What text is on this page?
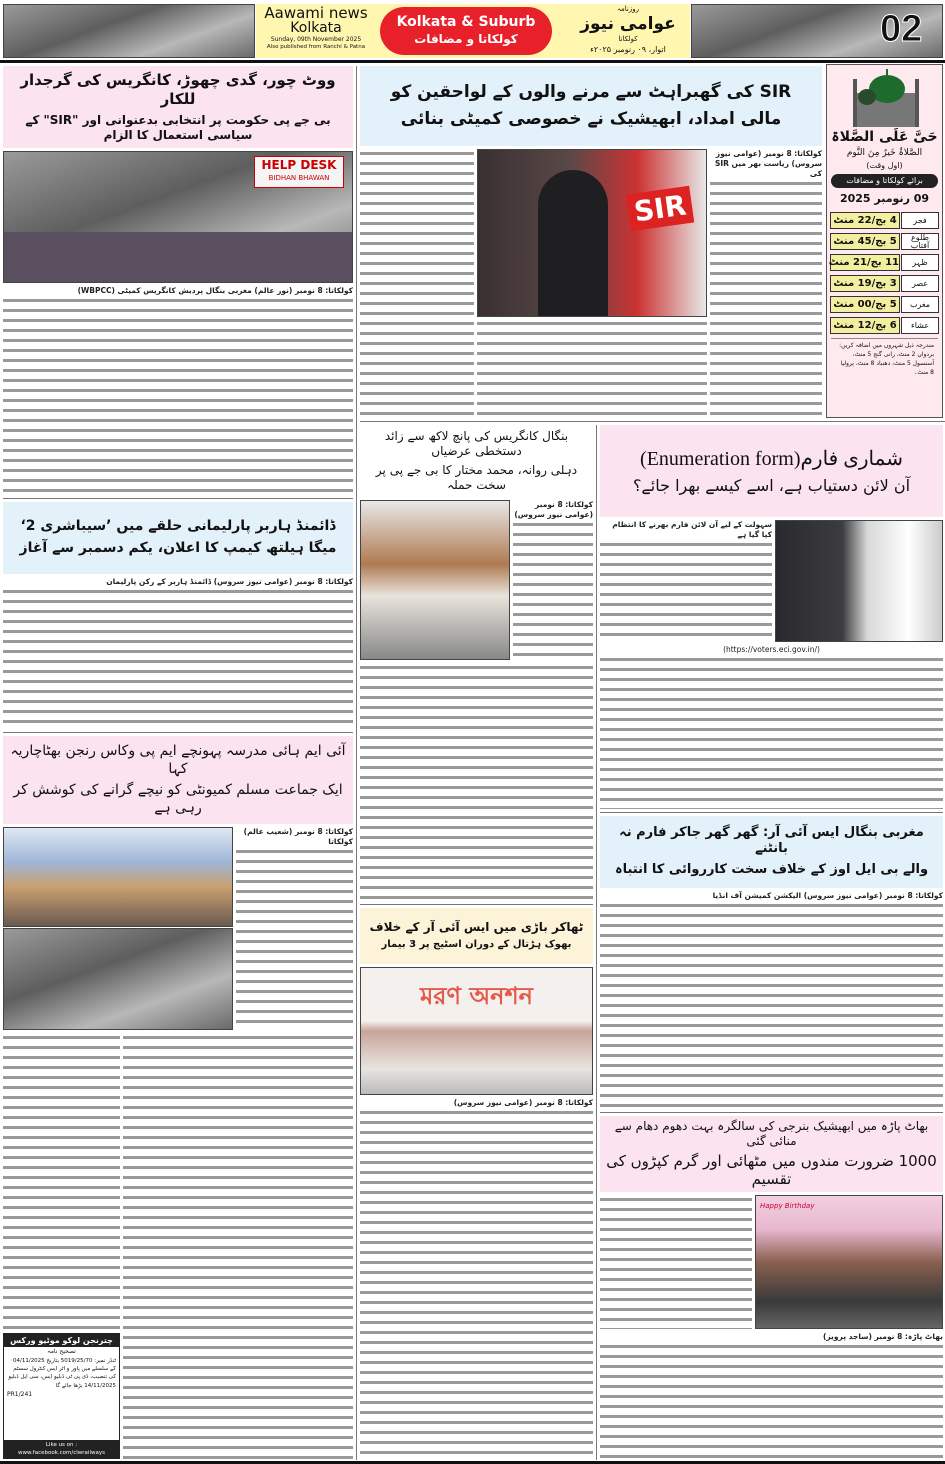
Aawami news
Kolkata
Sunday, 09th November 2025
Also published from Ranchi & Patna
Kolkata & Suburb
کولکاتا و مضافات
روزنامہ
عوامی نیوز
کولکاتا
اتوار، ۰۹ رنومبر ۲۰۲۵ء	02
ووٹ چور، گدی چھوڑ، کانگریس کی گرجدار للکار
بی جے پی حکومت پر انتخابی بدعنوانی اور "SIR" کے سیاسی استعمال کا الزام
HELP DESK
BIDHAN BHAWAN
کولکاتا: 8 نومبر (نور عالم) مغربی بنگال پردیش کانگریس کمیٹی (WBPCC)
ڈائمنڈ ہاربر پارلیمانی حلقے میں ’سیباشری 2‘
میگا ہیلتھ کیمپ کا اعلان، یکم دسمبر سے آغاز
کولکاتا: 8 نومبر (عوامی نیوز سروس) ڈائمنڈ ہاربر کے رکن پارلیمان
آئی ایم ہائی مدرسہ پہونچے ایم پی وکاس رنجن بھٹاچاریہ کہا
ایک جماعت مسلم کمیونٹی کو نیچے گرانے کی کوشش کر رہی ہے
کولکاتا: 8 نومبر (شعیب عالم) کولکاتا
چترنجن لوکو موٹیو ورکس
تصحیح نامہ
ٹنڈر نمبر: 5019/25/70 بتاریخ 04/11/2025 کے سلسلے میں پاور و اٹر ایس کنٹرول سسٹم کی تنصیب، ڈی پی ٹی ڈبلیو ایس، سی ایل ڈبلیو
14/11/2025 بڑھا جائے گا
PR1/241
Like us on : www.facebook.com/clwrailways
SIR کی گھبراہٹ سے مرنے والوں کے لواحقین کو
مالی امداد، ابھیشیک نے خصوصی کمیٹی بنائی
SIR
کولکاتا: 8 نومبر (عوامی نیوز سروس) ریاست بھر میں SIR کی
حَیَّ عَلَی الصَّلاۃ
الصَّلاۃُ خَیرٌ مِنَ النَّوم
(اول وقت)
برائے کولکاتا و مضافات
09 رنومبر 2025
4 بج/22 منٹ	فجر
5 بج/45 منٹ	طلوع آفتاب
11 بج/21 منٹ	ظہر
3 بج/19 منٹ	عصر
5 بج/00 منٹ	مغرب
6 بج/12 منٹ	عشاء
مندرجہ ذیل شہروں میں اضافہ کریں: بردوان 2 منٹ، رانی گنج 5 منٹ، آسنسول 5 منٹ، دھنباد 8 منٹ، پرولیا 8 منٹ۔
بنگال کانگریس کی پانچ لاکھ سے زائد دستخطی عرضیاں
دہلی روانہ، محمد مختار کا بی جے پی پر سخت حملہ
کولکاتا: 8 نومبر (عوامی نیوز سروس)
ٹھاکر باڑی میں ایس آئی آر کے خلاف
بھوک ہڑتال کے دوران اسٹیج پر 3 بیمار
মরণ অনশন
کولکاتا: 8 نومبر (عوامی نیوز سروس)
شماری فارم(Enumeration form)
آن لائن دستیاب ہے، اسے کیسے بھرا جائے؟
سہولت کے لیے آن لائن فارم بھرنے کا انتظام کیا گیا ہے
(https://voters.eci.gov.in/)
مغربی بنگال ایس آئی آر: گھر گھر جاکر فارم نہ بانٹنے
والے بی ایل اوز کے خلاف سخت کارروائی کا انتباہ
کولکاتا: 8 نومبر (عوامی نیوز سروس) الیکشن کمیشن آف انڈیا
بھاٹ پاڑہ میں ابھیشیک بنرجی کی سالگرہ بہت دھوم دھام سے منائی گئی
1000 ضرورت مندوں میں مٹھائی اور گرم کپڑوں کی تقسیم
Happy Birthday
بھاٹ پاڑہ: 8 نومبر (ساجد پرویز)
